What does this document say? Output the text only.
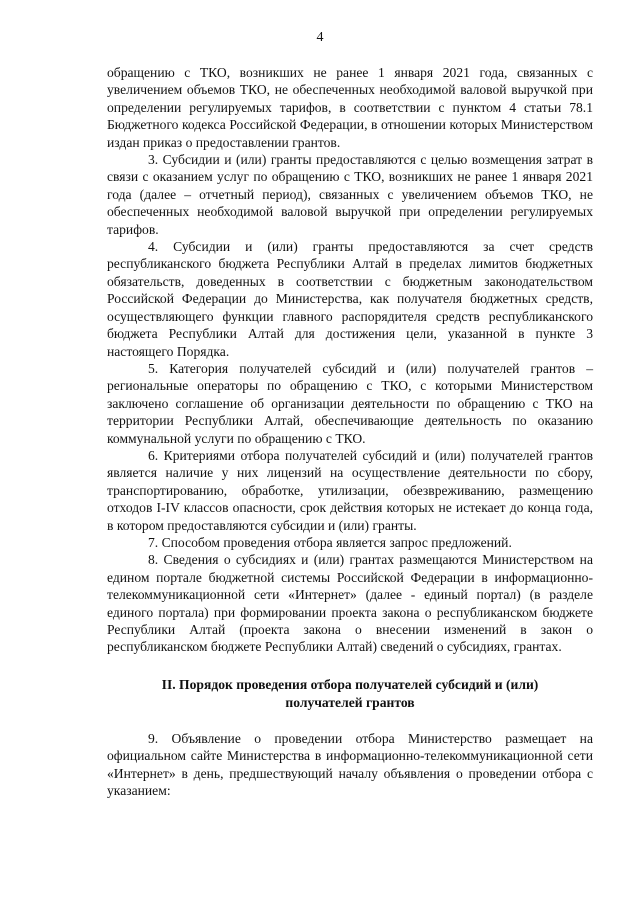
4

обращению с ТКО, возникших не ранее 1 января 2021 года, связанных с увеличением объемов ТКО, не обеспеченных необходимой валовой выручкой при определении регулируемых тарифов, в соответствии с пунктом 4 статьи 78.1 Бюджетного кодекса Российской Федерации, в отношении которых Министерством издан приказ о предоставлении грантов.

3. Субсидии и (или) гранты предоставляются с целью возмещения затрат в связи с оказанием услуг по обращению с ТКО, возникших не ранее 1 января 2021 года (далее – отчетный период), связанных с увеличением объемов ТКО, не обеспеченных необходимой валовой выручкой при определении регулируемых тарифов.

4. Субсидии и (или) гранты предоставляются за счет средств республиканского бюджета Республики Алтай в пределах лимитов бюджетных обязательств, доведенных в соответствии с бюджетным законодательством Российской Федерации до Министерства, как получателя бюджетных средств, осуществляющего функции главного распорядителя средств республиканского бюджета Республики Алтай для достижения цели, указанной в пункте 3 настоящего Порядка.

5. Категория получателей субсидий и (или) получателей грантов – региональные операторы по обращению с ТКО, с которыми Министерством заключено соглашение об организации деятельности по обращению с ТКО на территории Республики Алтай, обеспечивающие деятельность по оказанию коммунальной услуги по обращению с ТКО.

6. Критериями отбора получателей субсидий и (или) получателей грантов является наличие у них лицензий на осуществление деятельности по сбору, транспортированию, обработке, утилизации, обезвреживанию, размещению отходов I-IV классов опасности, срок действия которых не истекает до конца года, в котором предоставляются субсидии и (или) гранты.

7. Способом проведения отбора является запрос предложений.

8. Сведения о субсидиях и (или) грантах размещаются Министерством на едином портале бюджетной системы Российской Федерации в информационно-телекоммуникационной сети «Интернет» (далее - единый портал) (в разделе единого портала) при формировании проекта закона о республиканском бюджете Республики Алтай (проекта закона о внесении изменений в закон о республиканском бюджете Республики Алтай) сведений о субсидиях, грантах.

II. Порядок проведения отбора получателей субсидий и (или)
получателей грантов

9. Объявление о проведении отбора Министерство размещает на официальном сайте Министерства в информационно-телекоммуникационной сети «Интернет» в день, предшествующий началу объявления о проведении отбора с указанием:
